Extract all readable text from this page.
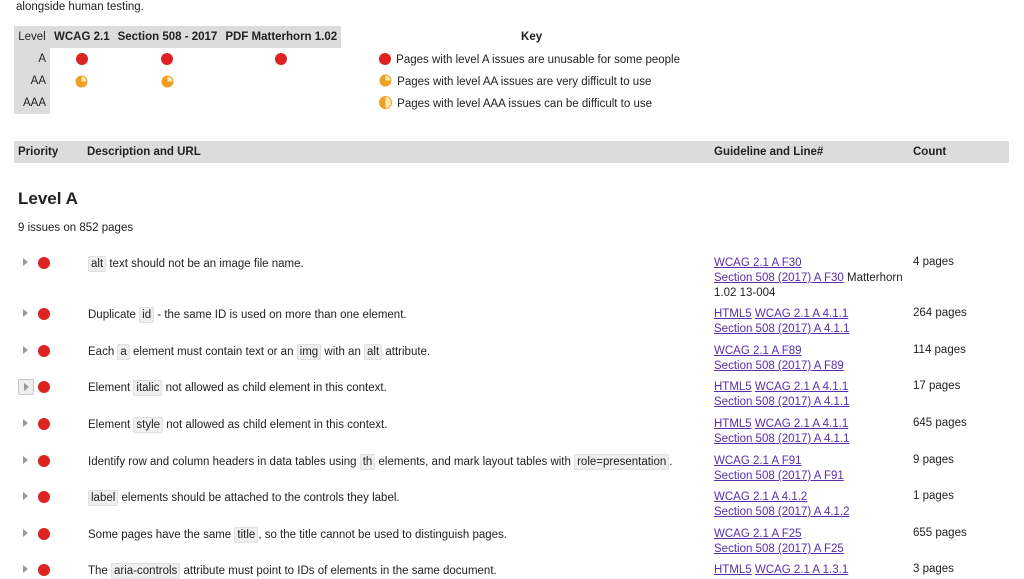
alongside human testing.
Level	WCAG 2.1	Section 508 - 2017	PDF Matterhorn 1.02		Key
A					Pages with level A issues are unusable for some people
AA					Pages with level AA issues are very difficult to use
AAA					Pages with level AAA issues can be difficult to use
Priority Description and URL	Guideline and Line#	Count
Level A
9 issues on 852 pages
alt text should not be an image file name.	WCAG 2.1 A F30
Section 508 (2017) A F30 Matterhorn 1.02 13-004
4 pages
Duplicate id - the same ID is used on more than one element.	HTML5 WCAG 2.1 A 4.1.1
Section 508 (2017) A 4.1.1
264 pages
Each a element must contain text or an img with an alt attribute.	WCAG 2.1 A F89
Section 508 (2017) A F89
114 pages
Element italic not allowed as child element in this context.	HTML5 WCAG 2.1 A 4.1.1
Section 508 (2017) A 4.1.1
17 pages
Element style not allowed as child element in this context.	HTML5 WCAG 2.1 A 4.1.1
Section 508 (2017) A 4.1.1
645 pages
Identify row and column headers in data tables using th elements, and mark layout tables with role=presentation .	WCAG 2.1 A F91
Section 508 (2017) A F91
9 pages
label elements should be attached to the controls they label.	WCAG 2.1 A 4.1.2
Section 508 (2017) A 4.1.2
1 pages
Some pages have the same title , so the title cannot be used to distinguish pages.	WCAG 2.1 A F25
Section 508 (2017) A F25
655 pages
The aria-controls attribute must point to IDs of elements in the same document.	HTML5 WCAG 2.1 A 1.3.1	3 pages
